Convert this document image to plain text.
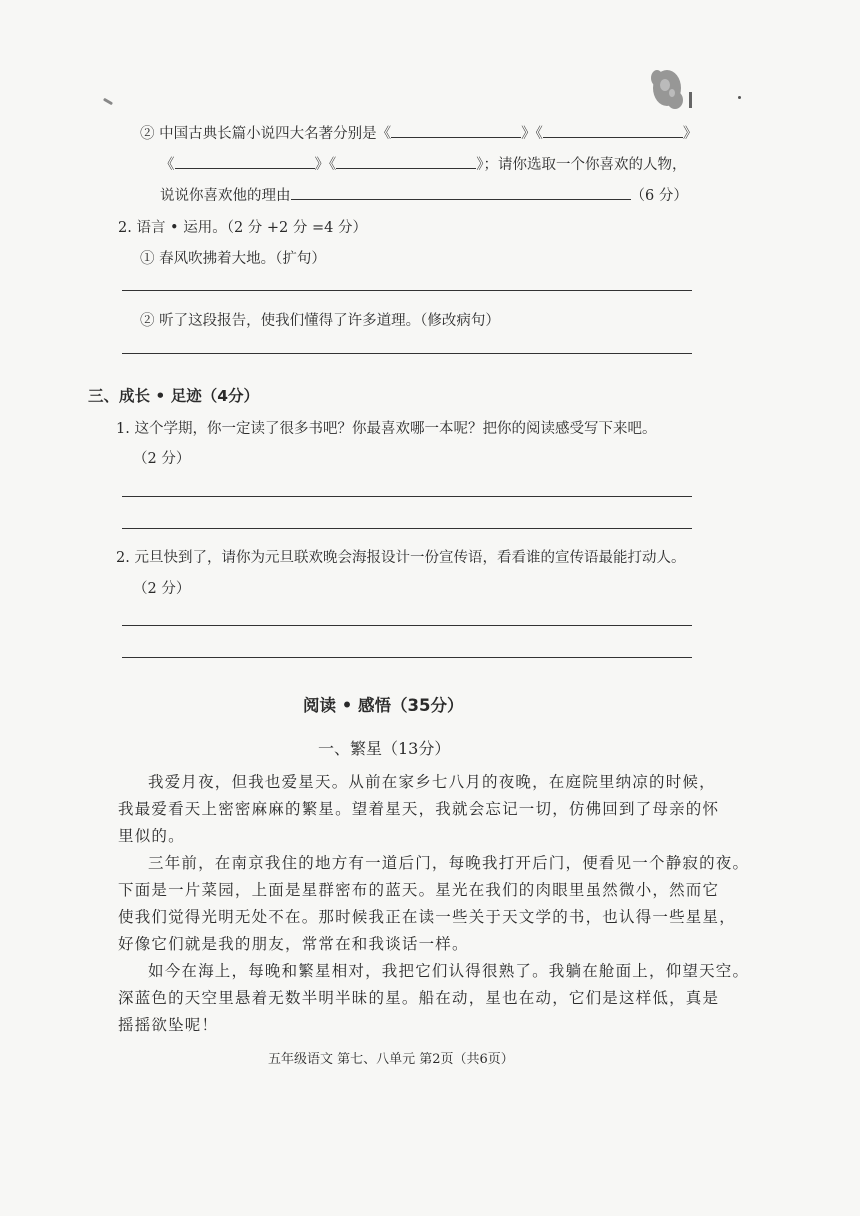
② 中国古典长篇小说四大名著分别是《	》《	》
《	》《	》；请你选取一个你喜欢的人物，
说说你喜欢他的理由	（6 分）
2. 语言 • 运用。（2 分 +2 分 =4 分）
① 春风吹拂着大地。（扩句）
② 听了这段报告，使我们懂得了许多道理。（修改病句）
三、成长 • 足迹（4分）
1. 这个学期，你一定读了很多书吧？你最喜欢哪一本呢？把你的阅读感受写下来吧。
（2 分）
2. 元旦快到了，请你为元旦联欢晚会海报设计一份宣传语，看看谁的宣传语最能打动人。
（2 分）
阅读 • 感悟（35分）
一、繁星（13分）
我爱月夜，但我也爱星天。从前在家乡七八月的夜晚，在庭院里纳凉的时候，
我最爱看天上密密麻麻的繁星。望着星天，我就会忘记一切，仿佛回到了母亲的怀
里似的。
三年前，在南京我住的地方有一道后门，每晚我打开后门，便看见一个静寂的夜。
下面是一片菜园，上面是星群密布的蓝天。星光在我们的肉眼里虽然微小，然而它
使我们觉得光明无处不在。那时候我正在读一些关于天文学的书，也认得一些星星，
好像它们就是我的朋友，常常在和我谈话一样。
如今在海上，每晚和繁星相对，我把它们认得很熟了。我躺在舱面上，仰望天空。
深蓝色的天空里悬着无数半明半昧的星。船在动，星也在动，它们是这样低，真是
摇摇欲坠呢！
五年级语文 第七、八单元 第2页（共6页）
